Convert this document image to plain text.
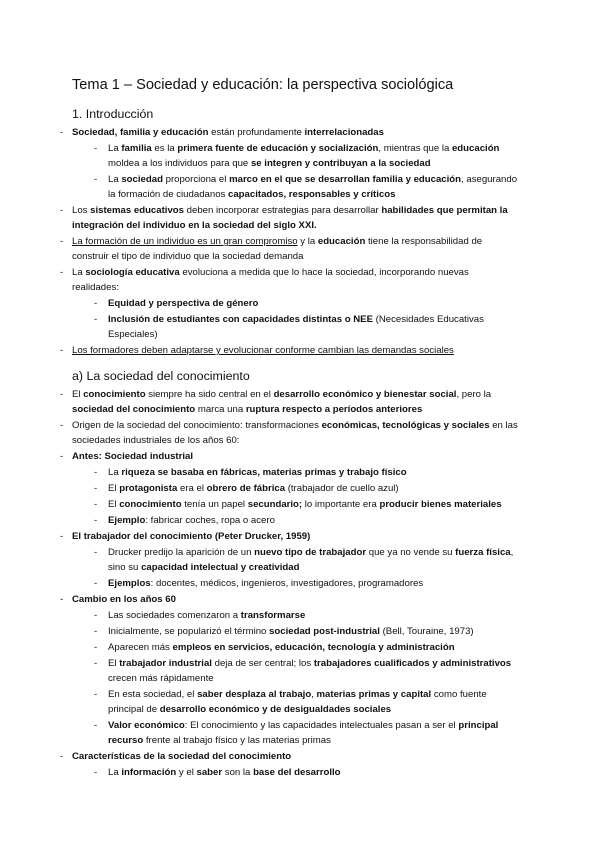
Tema 1 – Sociedad y educación: la perspectiva sociológica
1. Introducción
- Sociedad, familia y educación están profundamente interrelacionadas
- La familia es la primera fuente de educación y socialización, mientras que la educación
moldea a los individuos para que se integren y contribuyan a la sociedad
- La sociedad proporciona el marco en el que se desarrollan familia y educación, asegurando
la formación de ciudadanos capacitados, responsables y críticos
- Los sistemas educativos deben incorporar estrategias para desarrollar habilidades que permitan la
integración del individuo en la sociedad del siglo XXI.
- La formación de un individuo es un gran compromiso y la educación tiene la responsabilidad de
construir el tipo de individuo que la sociedad demanda
- La sociología educativa evoluciona a medida que lo hace la sociedad, incorporando nuevas
realidades:
- Equidad y perspectiva de género
- Inclusión de estudiantes con capacidades distintas o NEE (Necesidades Educativas
Especiales)
- Los formadores deben adaptarse y evolucionar conforme cambian las demandas sociales
a) La sociedad del conocimiento
- El conocimiento siempre ha sido central en el desarrollo económico y bienestar social, pero la
sociedad del conocimiento marca una ruptura respecto a períodos anteriores
- Origen de la sociedad del conocimiento: transformaciones económicas, tecnológicas y sociales en las
sociedades industriales de los años 60:
- Antes: Sociedad industrial
- La riqueza se basaba en fábricas, materias primas y trabajo físico
- El protagonista era el obrero de fábrica (trabajador de cuello azul)
- El conocimiento tenía un papel secundario; lo importante era producir bienes materiales
- Ejemplo: fabricar coches, ropa o acero
- El trabajador del conocimiento (Peter Drucker, 1959)
- Drucker predijo la aparición de un nuevo tipo de trabajador que ya no vende su fuerza física,
sino su capacidad intelectual y creatividad
- Ejemplos: docentes, médicos, ingenieros, investigadores, programadores
- Cambio en los años 60
- Las sociedades comenzaron a transformarse
- Inicialmente, se popularizó el término sociedad post-industrial (Bell, Touraine, 1973)
- Aparecen más empleos en servicios, educación, tecnología y administración
- El trabajador industrial deja de ser central; los trabajadores cualificados y administrativos
crecen más rápidamente
- En esta sociedad, el saber desplaza al trabajo, materias primas y capital como fuente
principal de desarrollo económico y de desigualdades sociales
- Valor económico: El conocimiento y las capacidades intelectuales pasan a ser el principal
recurso frente al trabajo físico y las materias primas
- Características de la sociedad del conocimiento
- La información y el saber son la base del desarrollo
